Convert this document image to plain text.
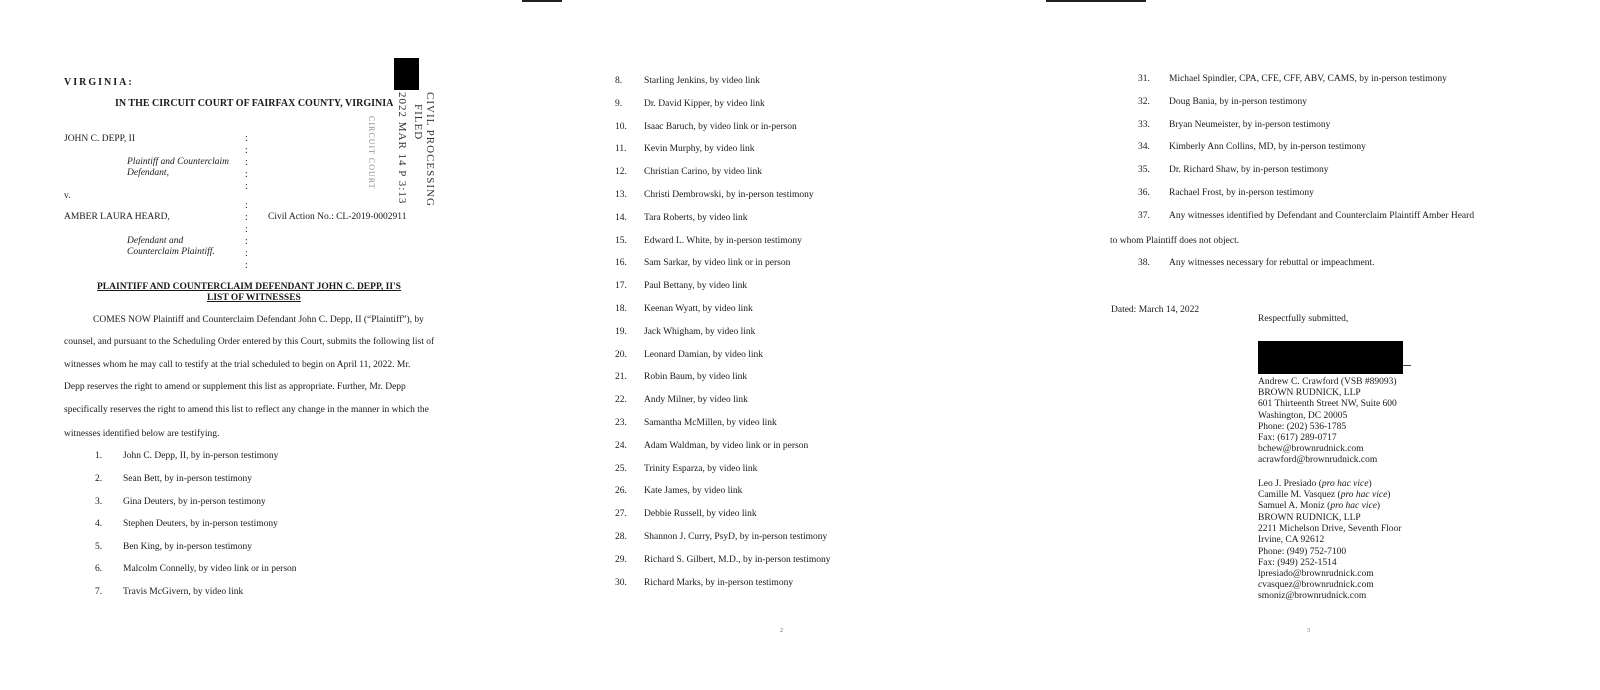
VIRGINIA:
IN THE CIRCUIT COURT OF FAIRFAX COUNTY, VIRGINIA	CIVIL PROCESSING
FILED
2022 MAR 14 P 3:13
CIRCUIT COURT
JOHN C. DEPP, II
Plaintiff and Counterclaim
Defendant,
v.
AMBER LAURA HEARD,	Civil Action No.: CL-2019-0002911
Defendant and
Counterclaim Plaintiff.
:
:
:
:
:
:
:
:
:
:
:
PLAINTIFF AND COUNTERCLAIM DEFENDANT JOHN C. DEPP, II'S
LIST OF WITNESSES
COMES NOW Plaintiff and Counterclaim Defendant John C. Depp, II (“Plaintiff”), by
counsel, and pursuant to the Scheduling Order entered by this Court, submits the following list of
witnesses whom he may call to testify at the trial scheduled to begin on April 11, 2022. Mr.
Depp reserves the right to amend or supplement this list as appropriate. Further, Mr. Depp
specifically reserves the right to amend this list to reflect any change in the manner in which the
witnesses identified below are testifying.
1. John C. Depp, II, by in-person testimony
2. Sean Bett, by in-person testimony
3. Gina Deuters, by in-person testimony
4. Stephen Deuters, by in-person testimony
5. Ben King, by in-person testimony
6. Malcolm Connelly, by video link or in person
7. Travis McGivern, by video link
8. Starling Jenkins, by video link
9. Dr. David Kipper, by video link
10. Isaac Baruch, by video link or in-person
11. Kevin Murphy, by video link
12. Christian Carino, by video link
13. Christi Dembrowski, by in-person testimony
14. Tara Roberts, by video link
15. Edward L. White, by in-person testimony
16. Sam Sarkar, by video link or in person
17. Paul Bettany, by video link
18. Keenan Wyatt, by video link
19. Jack Whigham, by video link
20. Leonard Damian, by video link
21. Robin Baum, by video link
22. Andy Milner, by video link
23. Samantha McMillen, by video link
24. Adam Waldman, by video link or in person
25. Trinity Esparza, by video link
26. Kate James, by video link
27. Debbie Russell, by video link
28. Shannon J. Curry, PsyD, by in-person testimony
29. Richard S. Gilbert, M.D., by in-person testimony
30. Richard Marks, by in-person testimony
2
31. Michael Spindler, CPA, CFE, CFF, ABV, CAMS, by in-person testimony
32. Doug Bania, by in-person testimony
33. Bryan Neumeister, by in-person testimony
34. Kimberly Ann Collins, MD, by in-person testimony
35. Dr. Richard Shaw, by in-person testimony
36. Rachael Frost, by in-person testimony
37. Any witnesses identified by Defendant and Counterclaim Plaintiff Amber Heard
to whom Plaintiff does not object.
38. Any witnesses necessary for rebuttal or impeachment.
Dated: March 14, 2022
Respectfully submitted,
Andrew C. Crawford (VSB #89093)
BROWN RUDNICK, LLP
601 Thirteenth Street NW, Suite 600
Washington, DC 20005
Phone: (202) 536-1785
Fax: (617) 289-0717
bchew@brownrudnick.com
acrawford@brownrudnick.com
Leo J. Presiado (pro hac vice)
Camille M. Vasquez (pro hac vice)
Samuel A. Moniz (pro hac vice)
BROWN RUDNICK, LLP
2211 Michelson Drive, Seventh Floor
Irvine, CA 92612
Phone: (949) 752-7100
Fax: (949) 252-1514
lpresiado@brownrudnick.com
cvasquez@brownrudnick.com
smoniz@brownrudnick.com
3
